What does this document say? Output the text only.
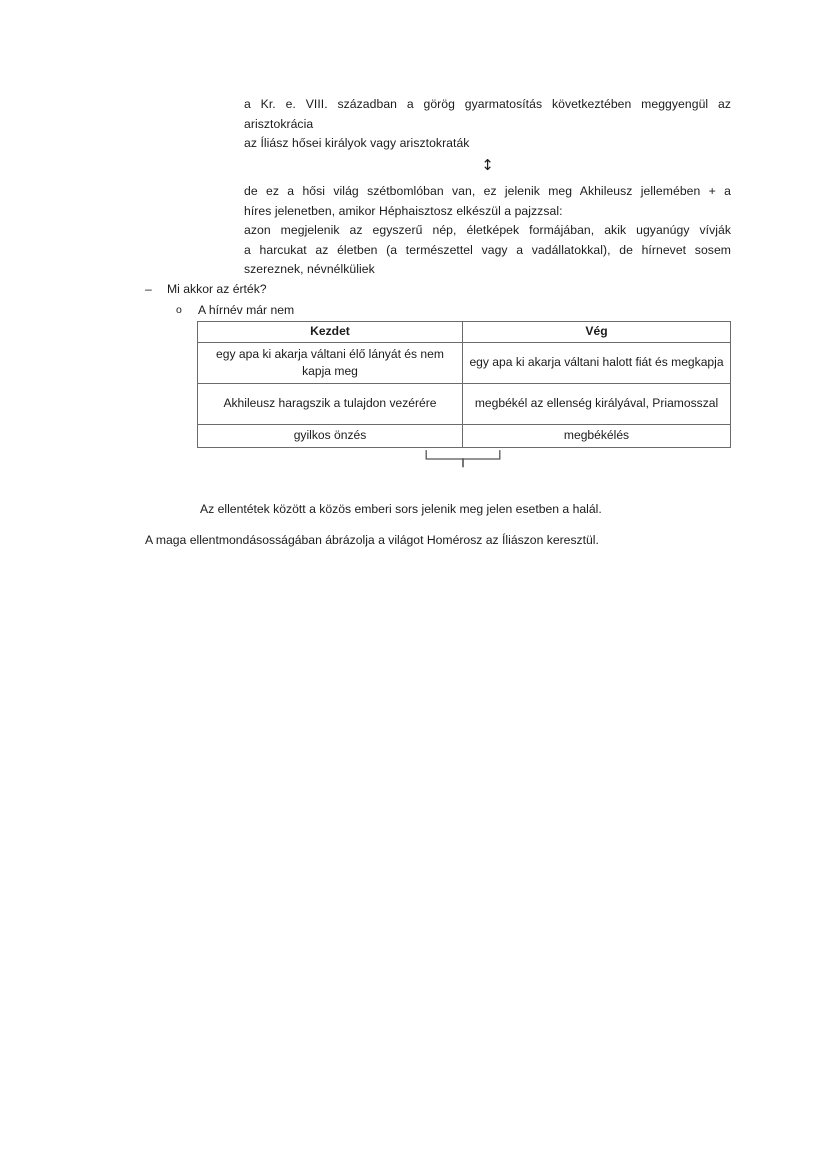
a Kr. e. VIII. században a görög gyarmatosítás következtében meggyengül az
arisztokrácia
az Íliász hősei királyok vagy arisztokraták
↕
de ez a hősi világ szétbomlóban van, ez jelenik meg Akhileusz jellemében + a
híres jelenetben, amikor Héphaisztosz elkészül a pajzzsal:
azon megjelenik az egyszerű nép, életképek formájában, akik ugyanúgy vívják
a harcukat az életben (a természettel vagy a vadállatokkal), de hírnevet sosem
szereznek, névnélküliek
– Mi akkor az érték?
o A hírnév már nem
Kezdet	Vég
egy apa ki akarja váltani élő lányát és nem kapja meg	egy apa ki akarja váltani halott fiát és megkapja
Akhileusz haragszik a tulajdon vezérére	megbékél az ellenség királyával, Priamosszal
gyilkos önzés	megbékélés
Az ellentétek között a közös emberi sors jelenik meg jelen esetben a halál.
A maga ellentmondásosságában ábrázolja a világot Homérosz az Íliászon keresztül.
